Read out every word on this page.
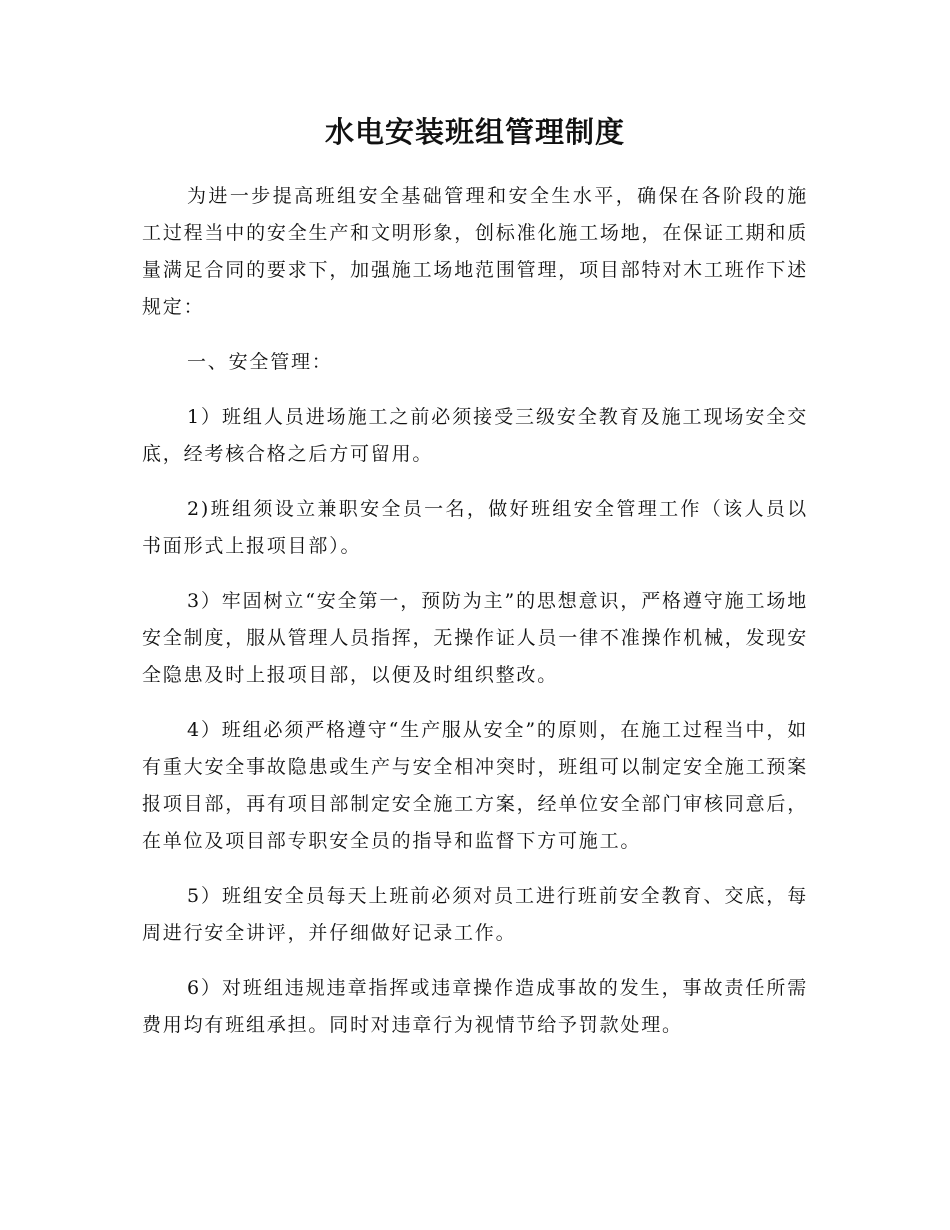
水电安装班组管理制度

为进一步提高班组安全基础管理和安全生水平，确保在各阶段的施工过程当中的安全生产和文明形象，创标准化施工场地，在保证工期和质量满足合同的要求下，加强施工场地范围管理，项目部特对木工班作下述规定：

一、安全管理：

1）班组人员进场施工之前必须接受三级安全教育及施工现场安全交底，经考核合格之后方可留用。

2)班组须设立兼职安全员一名，做好班组安全管理工作（该人员以书面形式上报项目部）。

3）牢固树立“安全第一，预防为主”的思想意识，严格遵守施工场地安全制度，服从管理人员指挥，无操作证人员一律不准操作机械，发现安全隐患及时上报项目部，以便及时组织整改。

4）班组必须严格遵守“生产服从安全”的原则，在施工过程当中，如有重大安全事故隐患或生产与安全相冲突时，班组可以制定安全施工预案报项目部，再有项目部制定安全施工方案，经单位安全部门审核同意后，在单位及项目部专职安全员的指导和监督下方可施工。

5）班组安全员每天上班前必须对员工进行班前安全教育、交底，每周进行安全讲评，并仔细做好记录工作。

6）对班组违规违章指挥或违章操作造成事故的发生，事故责任所需费用均有班组承担。同时对违章行为视情节给予罚款处理。
